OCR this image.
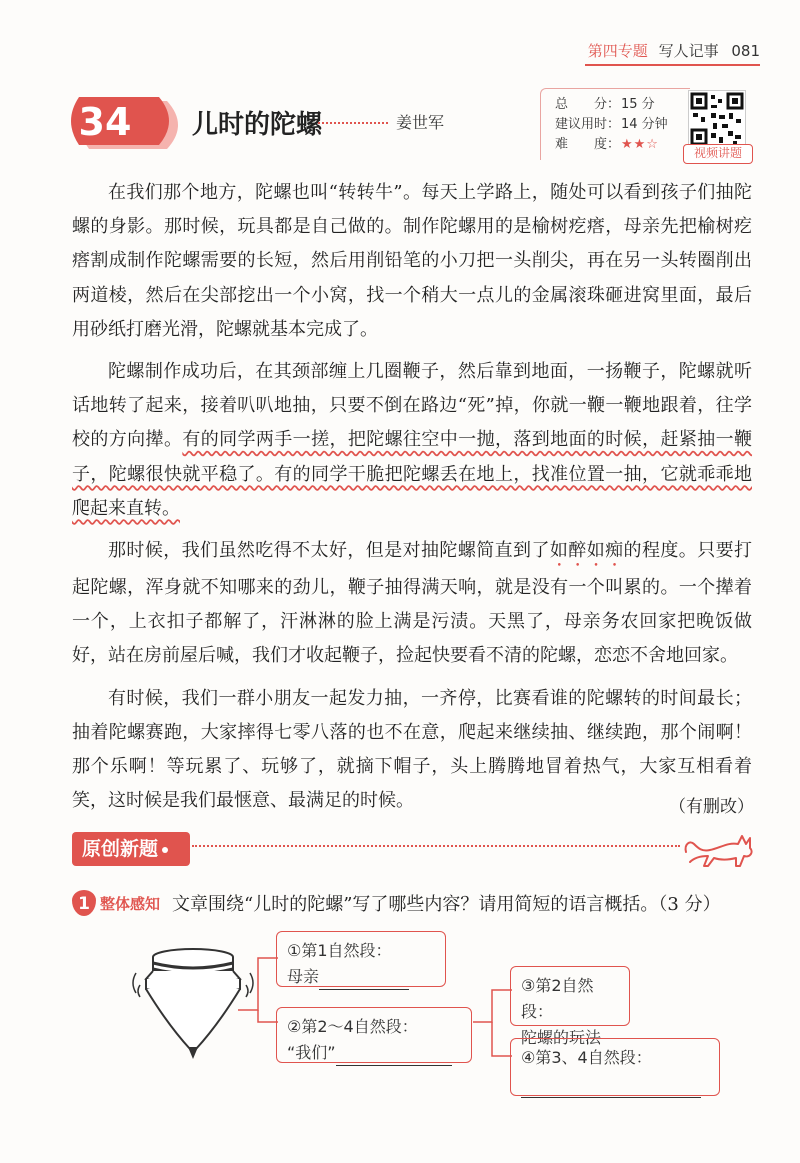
第四专题 写人记事 081
34	儿时的陀螺	姜世军
总　　分：15 分
建议用时：14 分钟
难　　度：★★☆
视频讲题

在我们那个地方，陀螺也叫“转转牛”。每天上学路上，随处可以看到孩子们抽陀螺的身影。那时候，玩具都是自己做的。制作陀螺用的是榆树疙瘩，母亲先把榆树疙瘩割成制作陀螺需要的长短，然后用削铅笔的小刀把一头削尖，再在另一头转圈削出两道棱，然后在尖部挖出一个小窝，找一个稍大一点儿的金属滚珠砸进窝里面，最后用砂纸打磨光滑，陀螺就基本完成了。

陀螺制作成功后，在其颈部缠上几圈鞭子，然后靠到地面，一扬鞭子，陀螺就听话地转了起来，接着叭叭地抽，只要不倒在路边“死”掉，你就一鞭一鞭地跟着，往学校的方向撵。有的同学两手一搓，把陀螺往空中一抛，落到地面的时候，赶紧抽一鞭子，陀螺很快就平稳了。有的同学干脆把陀螺丢在地上，找准位置一抽，它就乖乖地爬起来直转。

那时候，我们虽然吃得不太好，但是对抽陀螺简直到了如醉如痴的程度。只要打起陀螺，浑身就不知哪来的劲儿，鞭子抽得满天响，就是没有一个叫累的。一个撵着一个，上衣扣子都解了，汗淋淋的脸上满是污渍。天黑了，母亲务农回家把晚饭做好，站在房前屋后喊，我们才收起鞭子，捡起快要看不清的陀螺，恋恋不舍地回家。

有时候，我们一群小朋友一起发力抽，一齐停，比赛看谁的陀螺转的时间最长；抽着陀螺赛跑，大家摔得七零八落的也不在意，爬起来继续抽、继续跑，那个闹啊！那个乐啊！等玩累了、玩够了，就摘下帽子，头上腾腾地冒着热气，大家互相看着笑，这时候是我们最惬意、最满足的时候。	（有删改）
原创新题
1 整体感知 文章围绕“儿时的陀螺”写了哪些内容？请用简短的语言概括。（3 分）
①第1自然段：
母亲
②第2～4自然段：
“我们”
③第2自然段：
陀螺的玩法
④第3、4自然段：
